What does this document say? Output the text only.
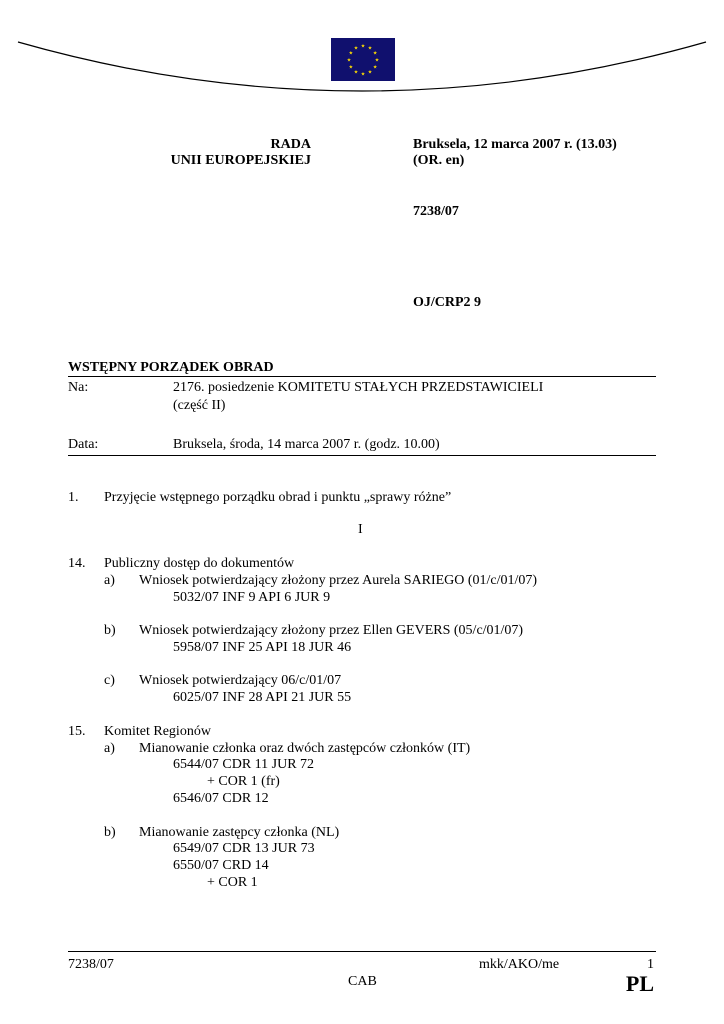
★ ★
★
★
★
★
★
★
★
★
★
★
RADA
UNII EUROPEJSKIEJ
Bruksela, 12 marca 2007 r. (13.03)
(OR. en)
7238/07
OJ/CRP2 9
WSTĘPNY PORZĄDEK OBRAD
Na:	2176. posiedzenie KOMITETU STAŁYCH PRZEDSTAWICIELI
(część II)
Data:	Bruksela, środa, 14 marca 2007 r. (godz. 10.00)
1. Przyjęcie wstępnego porządku obrad i punktu „sprawy różne”
I
14. Publiczny dostęp do dokumentów
a) Wniosek potwierdzający złożony przez Aurela SARIEGO (01/c/01/07)
5032/07 INF 9 API 6 JUR 9
b) Wniosek potwierdzający złożony przez Ellen GEVERS (05/c/01/07)
5958/07 INF 25 API 18 JUR 46
c) Wniosek potwierdzający 06/c/01/07
6025/07 INF 28 API 21 JUR 55
15. Komitet Regionów
a) Mianowanie członka oraz dwóch zastępców członków (IT)
6544/07 CDR 11 JUR 72
+ COR 1 (fr)
6546/07 CDR 12
b) Mianowanie zastępcy członka (NL)
6549/07 CDR 13 JUR 73
6550/07 CRD 14
+ COR 1
7238/07	mkk/AKO/me	1
CAB	PL
